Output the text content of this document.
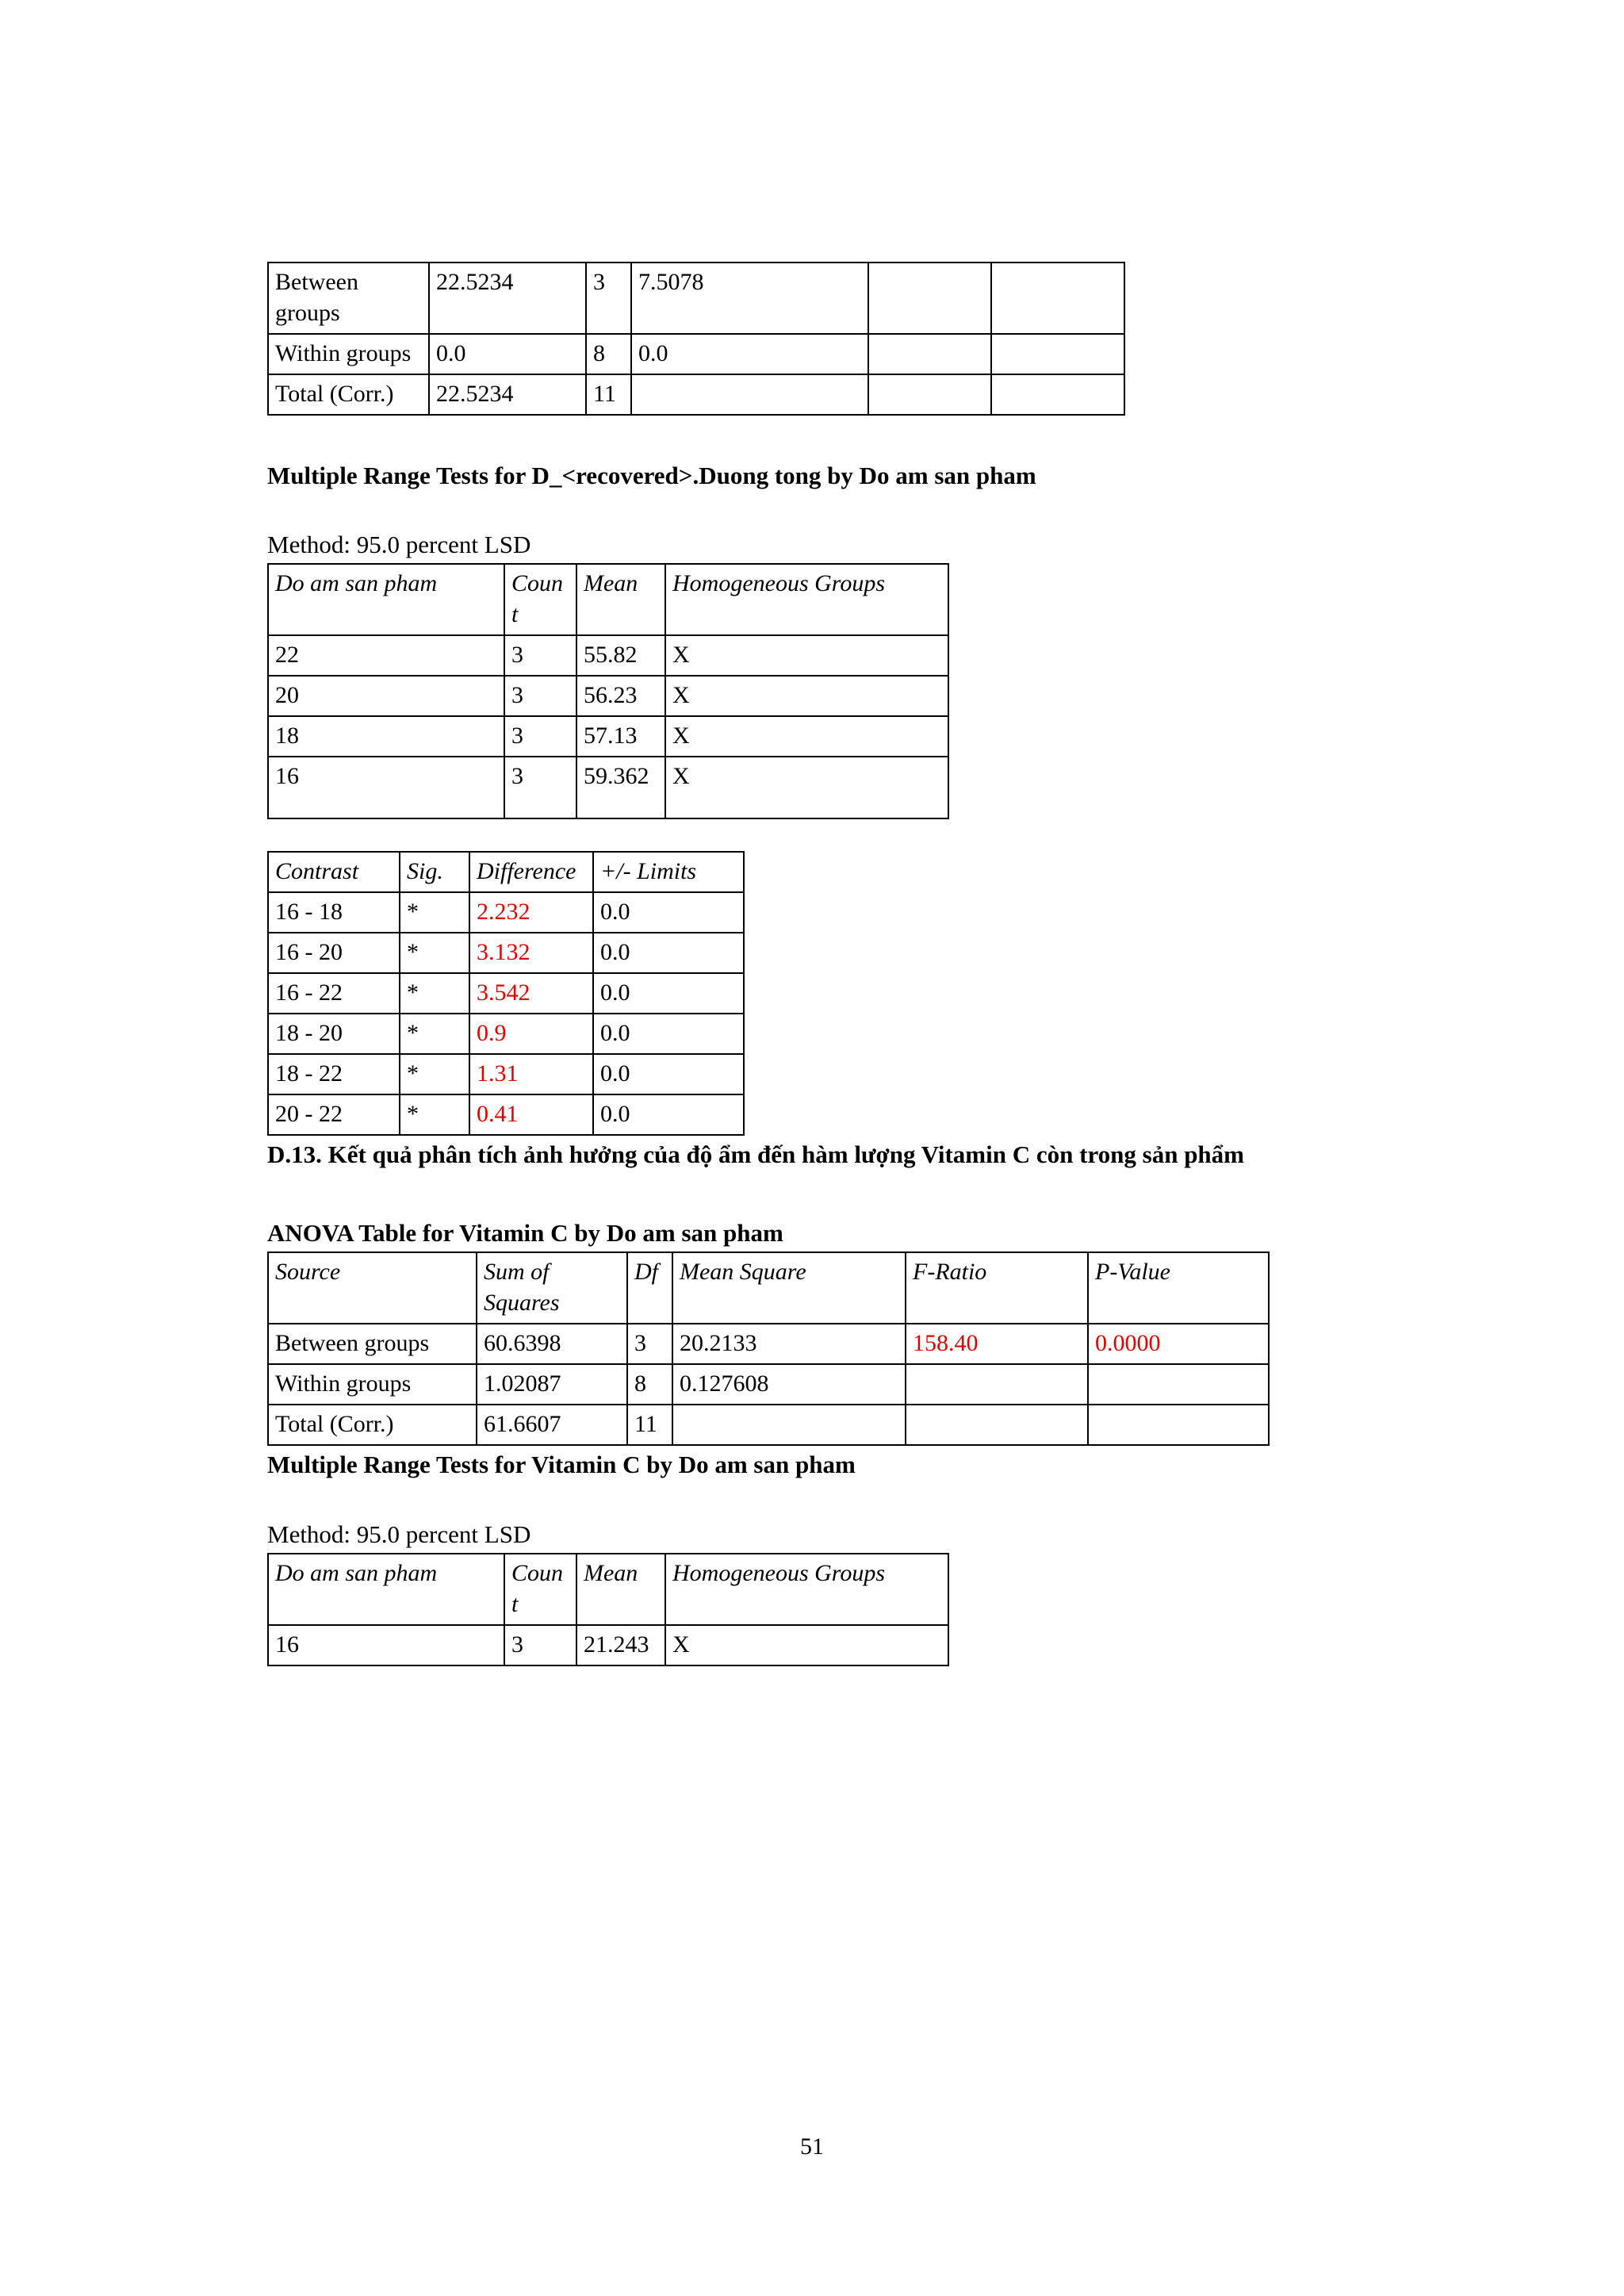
Between groups	22.5234	3	7.5078		
Within groups	0.0	8	0.0		
Total (Corr.)	22.5234	11			

Multiple Range Tests for D_<recovered>.Duong tong by Do am san pham

Method: 95.0 percent LSD

Do am san pham	Count	Mean	Homogeneous Groups
22	3	55.82	X
20	3	56.23	X
18	3	57.13	X
16	3	59.362	X
Contrast	Sig.	Difference	+/- Limits
16 - 18	*	2.232	0.0
16 - 20	*	3.132	0.0
16 - 22	*	3.542	0.0
18 - 20	*	0.9	0.0
18 - 22	*	1.31	0.0
20 - 22	*	0.41	0.0

D.13. Kết quả phân tích ảnh hưởng của độ ẩm đến hàm lượng Vitamin C còn trong sản phẩm

ANOVA Table for Vitamin C by Do am san pham

Source	Sum of Squares	Df	Mean Square	F-Ratio	P-Value
Between groups	60.6398	3	20.2133	158.40	0.0000
Within groups	1.02087	8	0.127608		
Total (Corr.)	61.6607	11			

Multiple Range Tests for Vitamin C by Do am san pham

Method: 95.0 percent LSD

Do am san pham	Count	Mean	Homogeneous Groups
16	3	21.243	X
51
